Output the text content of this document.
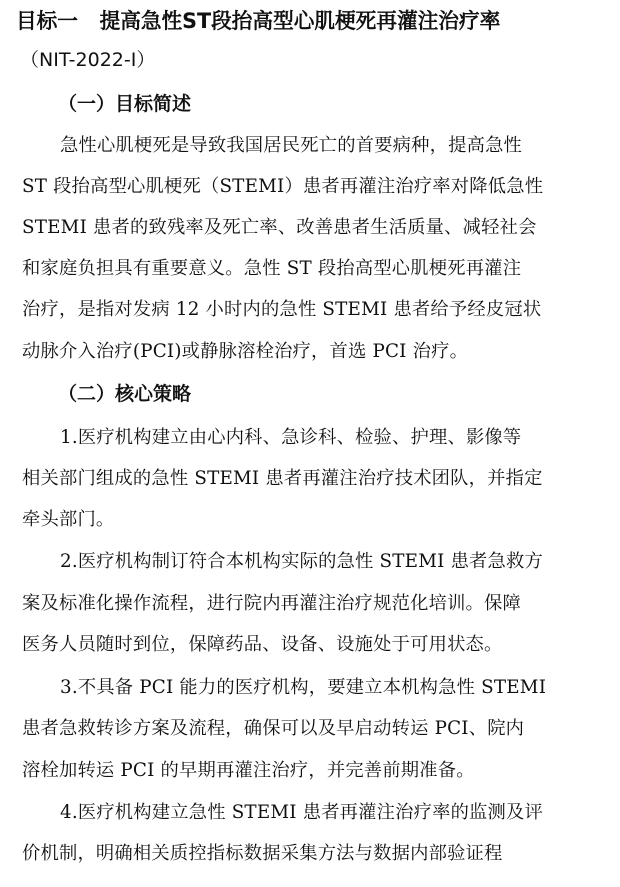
目标一 提高急性ST段抬高型心肌梗死再灌注治疗率
（NIT-2022-Ⅰ）
（一）目标简述
急性心肌梗死是导致我国居民死亡的首要病种，提高急性
ST 段抬高型心肌梗死（STEMI）患者再灌注治疗率对降低急性
STEMI 患者的致残率及死亡率、改善患者生活质量、减轻社会
和家庭负担具有重要意义。急性 ST 段抬高型心肌梗死再灌注
治疗，是指对发病 12 小时内的急性 STEMI 患者给予经皮冠状
动脉介入治疗(PCI)或静脉溶栓治疗，首选 PCI 治疗。
（二）核心策略
1.医疗机构建立由心内科、急诊科、检验、护理、影像等
相关部门组成的急性 STEMI 患者再灌注治疗技术团队，并指定
牵头部门。
2.医疗机构制订符合本机构实际的急性 STEMI 患者急救方
案及标准化操作流程，进行院内再灌注治疗规范化培训。保障
医务人员随时到位，保障药品、设备、设施处于可用状态。
3.不具备 PCI 能力的医疗机构，要建立本机构急性 STEMI
患者急救转诊方案及流程，确保可以及早启动转运 PCI、院内
溶栓加转运 PCI 的早期再灌注治疗，并完善前期准备。
4.医疗机构建立急性 STEMI 患者再灌注治疗率的监测及评
价机制，明确相关质控指标数据采集方法与数据内部验证程
